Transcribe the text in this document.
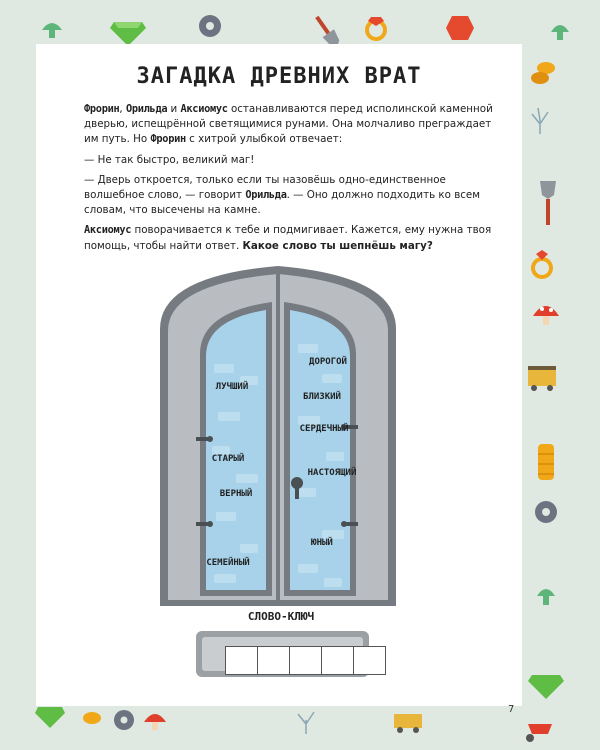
ЗАГАДКА ДРЕВНИХ ВРАТ

Фрорин, Орильда и Аксиомус останавливаются перед исполинской каменной дверью, испещрённой светящимися рунами. Она молчаливо преграждает им путь. Но Фрорин с хитрой улыбкой отвечает:

— Не так быстро, великий маг!

— Дверь откроется, только если ты назовёшь одно-единственное волшебное слово, — говорит Орильда. — Оно должно подходить ко всем словам, что высечены на камне.

Аксиомус поворачивается к тебе и подмигивает. Кажется, ему нужна твоя помощь, чтобы найти ответ. Какое слово ты шепнёшь магу?

ЛУЧШИЙ
СТАРЫЙ
ВЕРНЫЙ
СЕМЕЙНЫЙ
ДОРОГОЙ
БЛИЗКИЙ
СЕРДЕЧНЫЙ
НАСТОЯЩИЙ
ЮНЫЙ
СЛОВО-КЛЮЧ
7
